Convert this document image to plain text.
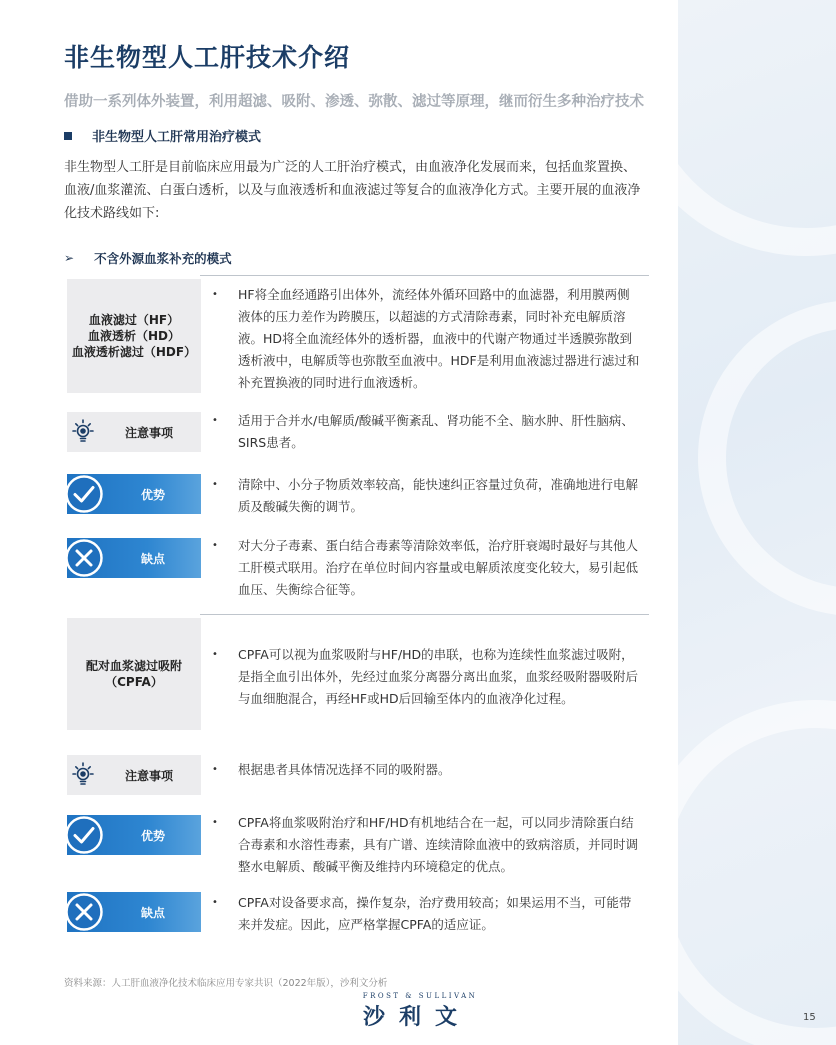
非生物型人工肝技术介绍
借助一系列体外装置，利用超滤、吸附、渗透、弥散、滤过等原理，继而衍生多种治疗技术
非生物型人工肝常用治疗模式
非生物型人工肝是目前临床应用最为广泛的人工肝治疗模式，由血液净化发展而来，包括血浆置换、血液/血浆灌流、白蛋白透析，以及与血液透析和血液滤过等复合的血液净化方式。主要开展的血液净化技术路线如下:
➢ 不含外源血浆补充的模式
血液滤过（HF）
血液透析（HD）
血液透析滤过（HDF）
• HF将全血经通路引出体外，流经体外循环回路中的血滤器，利用膜两侧液体的压力差作为跨膜压，以超滤的方式清除毒素，同时补充电解质溶液。HD将全血流经体外的透析器，血液中的代谢产物通过半透膜弥散到透析液中，电解质等也弥散至血液中。HDF是利用血液滤过器进行滤过和补充置换液的同时进行血液透析。
注意事项
• 适用于合并水/电解质/酸碱平衡紊乱、肾功能不全、脑水肿、肝性脑病、SIRS患者。
优势
• 清除中、小分子物质效率较高，能快速纠正容量过负荷，准确地进行电解质及酸碱失衡的调节。
缺点
• 对大分子毒素、蛋白结合毒素等清除效率低，治疗肝衰竭时最好与其他人工肝模式联用。治疗在单位时间内容量或电解质浓度变化较大，易引起低血压、失衡综合征等。
配对血浆滤过吸附
（CPFA）
• CPFA可以视为血浆吸附与HF/HD的串联，也称为连续性血浆滤过吸附，是指全血引出体外，先经过血浆分离器分离出血浆，血浆经吸附器吸附后与血细胞混合，再经HF或HD后回输至体内的血液净化过程。
注意事项	• 根据患者具体情况选择不同的吸附器。
优势
• CPFA将血浆吸附治疗和HF/HD有机地结合在一起，可以同步清除蛋白结合毒素和水溶性毒素，具有广谱、连续清除血液中的致病溶质，并同时调整水电解质、酸碱平衡及维持内环境稳定的优点。
缺点
• CPFA对设备要求高，操作复杂，治疗费用较高；如果运用不当，可能带来并发症。因此，应严格掌握CPFA的适应证。
资料来源：人工肝血液净化技术临床应用专家共识（2022年版），沙利文分析
FROST & SULLIVAN
沙利文	15
